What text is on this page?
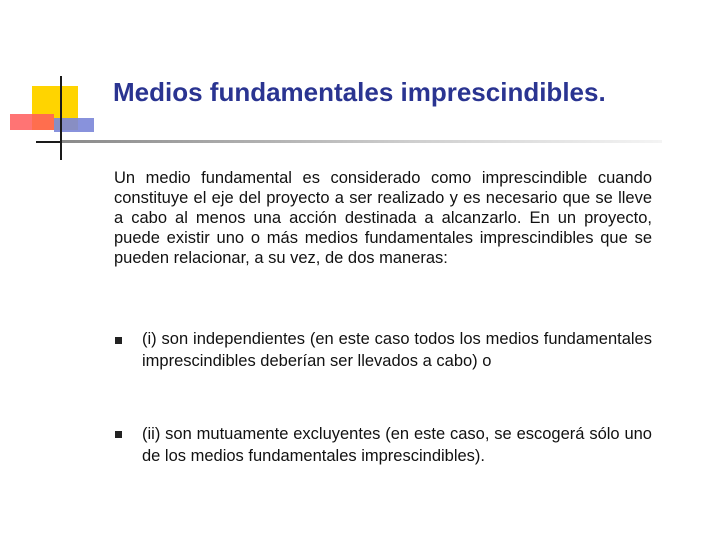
Medios fundamentales imprescindibles.

Un medio fundamental es considerado como imprescindible cuando constituye el eje del proyecto a ser realizado y es necesario que se lleve a cabo al menos una acción destinada a alcanzarlo. En un proyecto, puede existir uno o más medios fundamentales imprescindibles que se pueden relacionar, a su vez, de dos maneras:

(i) son independientes (en este caso todos los medios fundamentales imprescindibles deberían ser llevados a cabo) o

(ii) son mutuamente excluyentes (en este caso, se escogerá sólo uno de los medios fundamentales imprescindibles).
